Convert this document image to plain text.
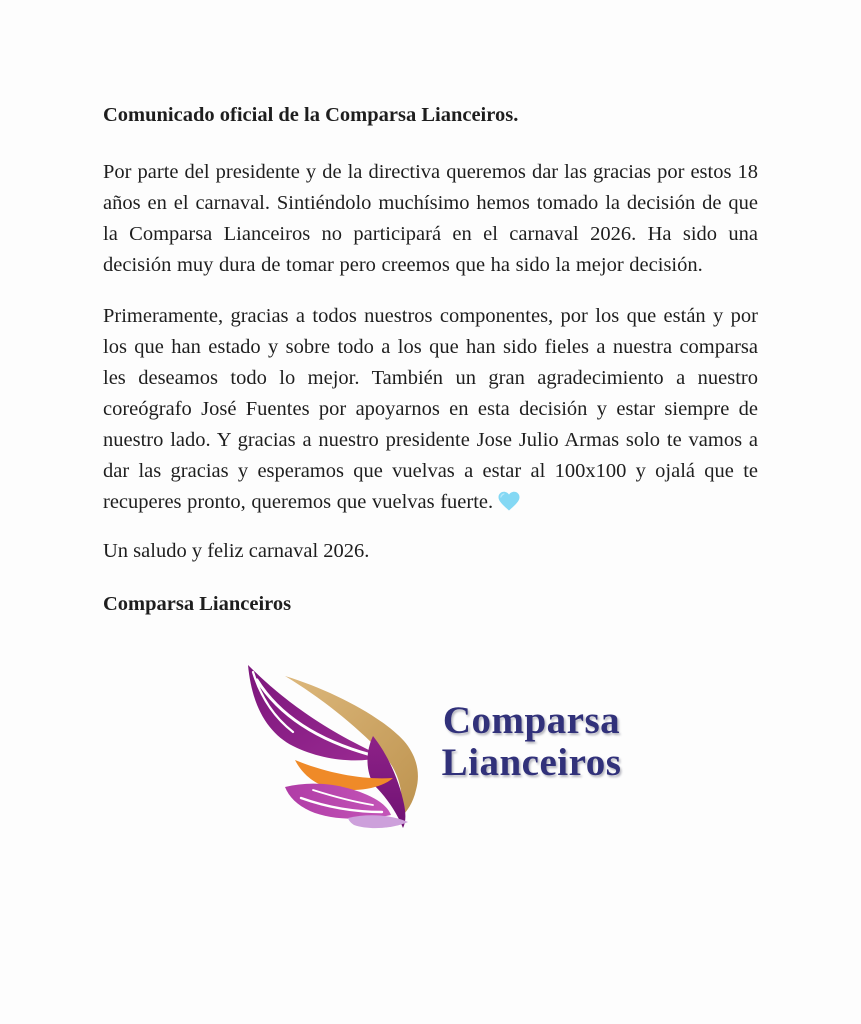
Comunicado oficial de la Comparsa Lianceiros.

Por parte del presidente y de la directiva queremos dar las gracias por estos 18 años en el carnaval. Sintiéndolo muchísimo hemos tomado la decisión de que la Comparsa Lianceiros no participará en el carnaval 2026. Ha sido una decisión muy dura de tomar pero creemos que ha sido la mejor decisión.

Primeramente, gracias a todos nuestros componentes, por los que están y por los que han estado y sobre todo a los que han sido fieles a nuestra comparsa les deseamos todo lo mejor. También un gran agradecimiento a nuestro coreógrafo José Fuentes por apoyarnos en esta decisión y estar siempre de nuestro lado. Y gracias a nuestro presidente Jose Julio Armas solo te vamos a dar las gracias y esperamos que vuelvas a estar al 100x100 y ojalá que te recuperes pronto, queremos que vuelvas fuerte.

Un saludo y feliz carnaval 2026.

Comparsa Lianceiros

Comparsa
Lianceiros
